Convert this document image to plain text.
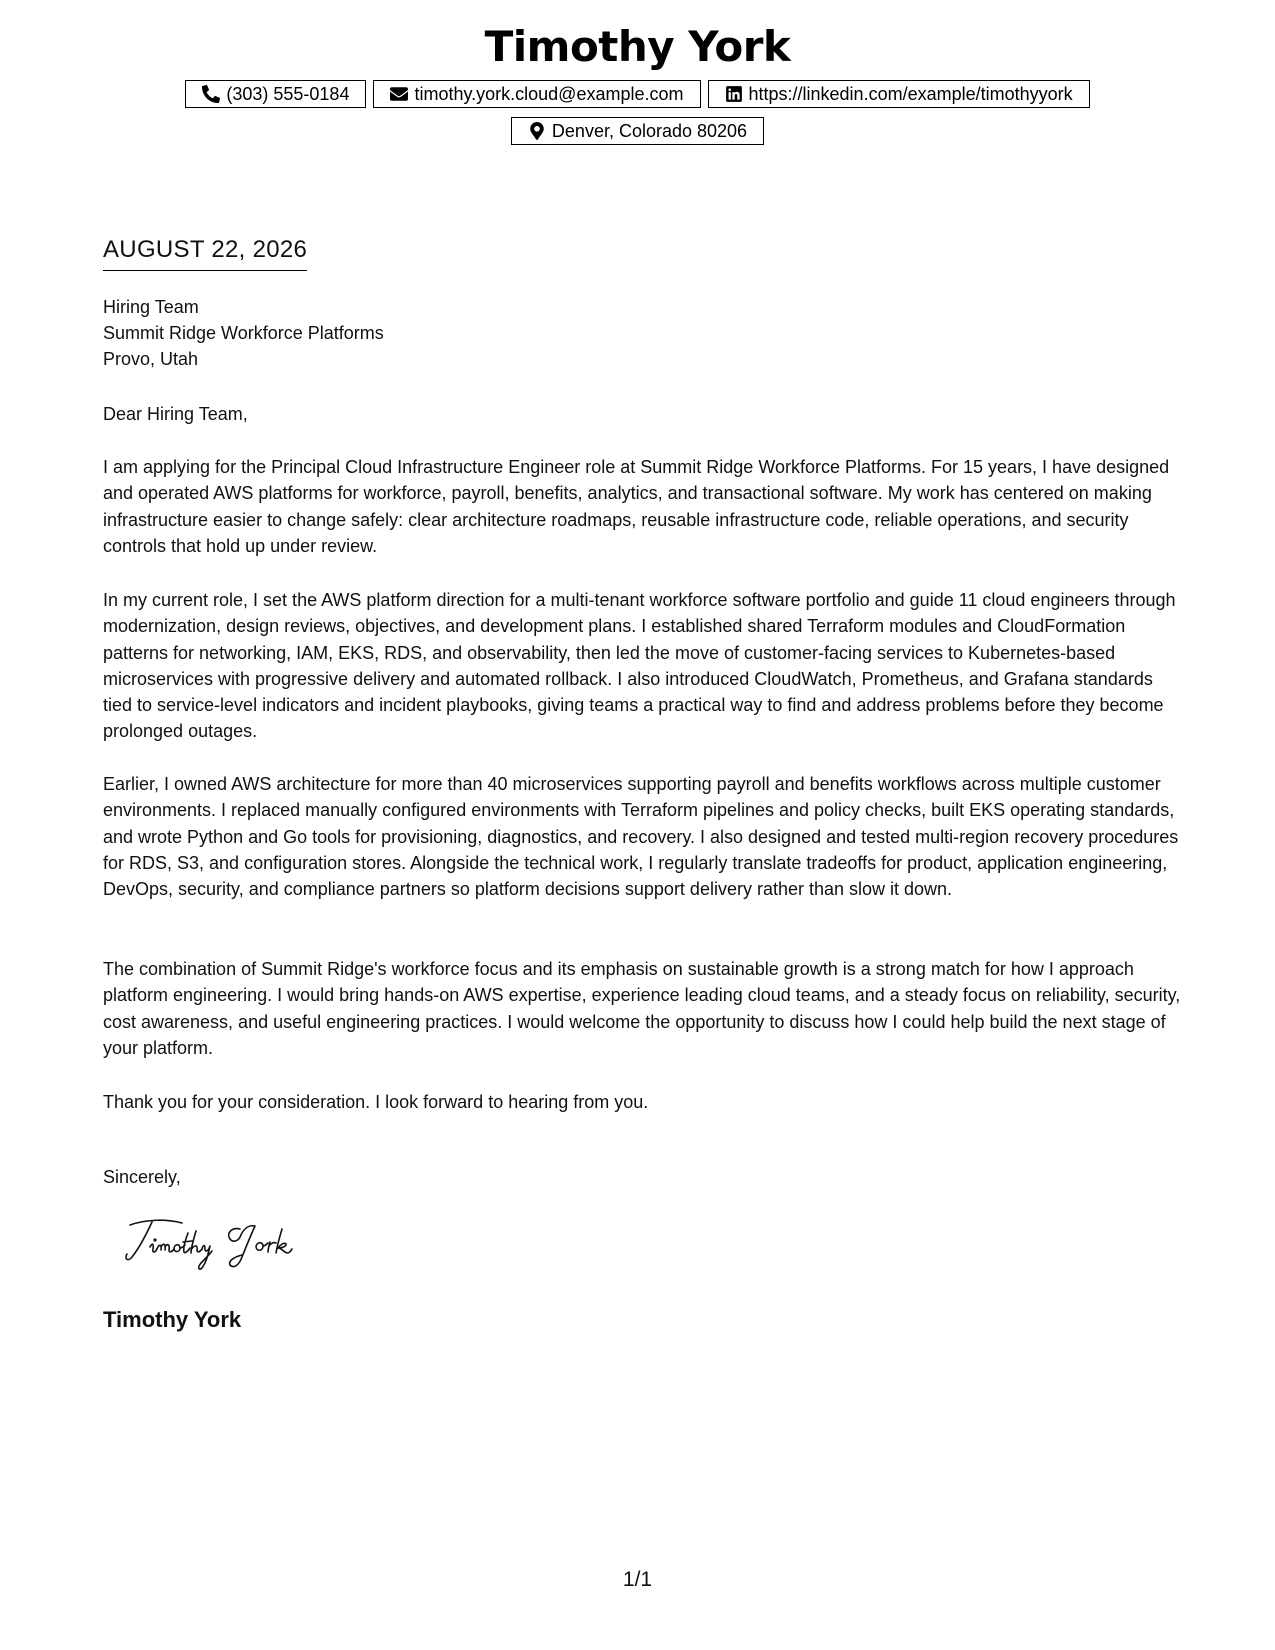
Timothy York
(303) 555-0184	timothy.york.cloud@example.com	https://linkedin.com/example/timothyyork
Denver, Colorado 80206
AUGUST 22, 2026
Hiring Team
Summit Ridge Workforce Platforms
Provo, Utah
Dear Hiring Team,

I am applying for the Principal Cloud Infrastructure Engineer role at Summit Ridge Workforce Platforms. For 15 years, I have designed and operated AWS platforms for workforce, payroll, benefits, analytics, and transactional software. My work has centered on making infrastructure easier to change safely: clear architecture roadmaps, reusable infrastructure code, reliable operations, and security controls that hold up under review.

In my current role, I set the AWS platform direction for a multi-tenant workforce software portfolio and guide 11 cloud engineers through modernization, design reviews, objectives, and development plans. I established shared Terraform modules and CloudFormation patterns for networking, IAM, EKS, RDS, and observability, then led the move of customer-facing services to Kubernetes-based microservices with progressive delivery and automated rollback. I also introduced CloudWatch, Prometheus, and Grafana standards tied to service-level indicators and incident playbooks, giving teams a practical way to find and address problems before they become prolonged outages.

Earlier, I owned AWS architecture for more than 40 microservices supporting payroll and benefits workflows across multiple customer environments. I replaced manually configured environments with Terraform pipelines and policy checks, built EKS operating standards, and wrote Python and Go tools for provisioning, diagnostics, and recovery. I also designed and tested multi-region recovery procedures for RDS, S3, and configuration stores. Alongside the technical work, I regularly translate tradeoffs for product, application engineering, DevOps, security, and compliance partners so platform decisions support delivery rather than slow it down.

The combination of Summit Ridge's workforce focus and its emphasis on sustainable growth is a strong match for how I approach platform engineering. I would bring hands-on AWS expertise, experience leading cloud teams, and a steady focus on reliability, security, cost awareness, and useful engineering practices. I would welcome the opportunity to discuss how I could help build the next stage of your platform.

Thank you for your consideration. I look forward to hearing from you.

Sincerely,
Timothy York
1/1
